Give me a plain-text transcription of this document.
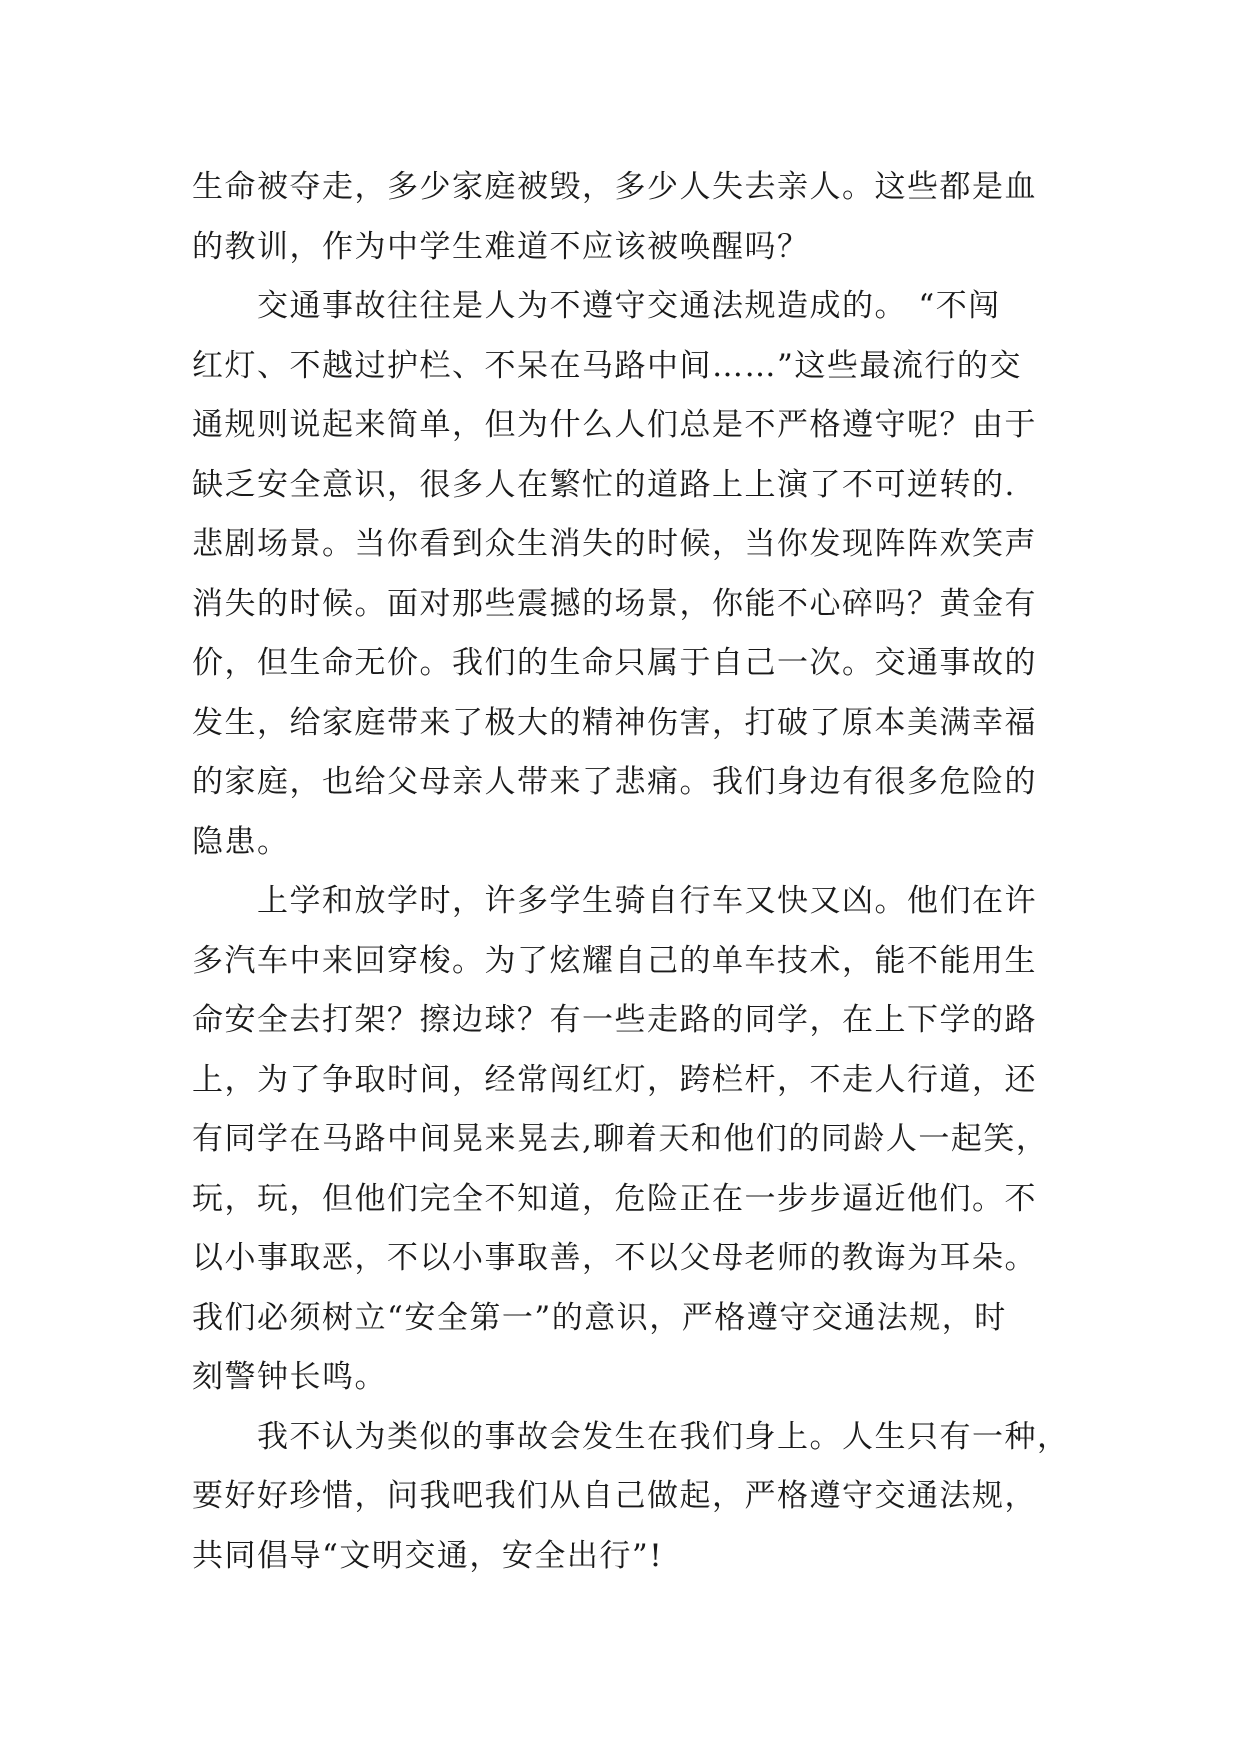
生命被夺走，多少家庭被毁，多少人失去亲人。这些都是血
的教训，作为中学生难道不应该被唤醒吗？
　　交通事故往往是人为不遵守交通法规造成的。 “不闯
红灯、不越过护栏、不呆在马路中间……”这些最流行的交
通规则说起来简单，但为什么人们总是不严格遵守呢？由于
缺乏安全意识，很多人在繁忙的道路上上演了不可逆转的.
悲剧场景。当你看到众生消失的时候，当你发现阵阵欢笑声
消失的时候。面对那些震撼的场景，你能不心碎吗？黄金有
价，但生命无价。我们的生命只属于自己一次。交通事故的
发生，给家庭带来了极大的精神伤害，打破了原本美满幸福
的家庭，也给父母亲人带来了悲痛。我们身边有很多危险的
隐患。
　　上学和放学时，许多学生骑自行车又快又凶。他们在许
多汽车中来回穿梭。为了炫耀自己的单车技术，能不能用生
命安全去打架？擦边球？有一些走路的同学，在上下学的路
上，为了争取时间，经常闯红灯，跨栏杆，不走人行道，还
有同学在马路中间晃来晃去,聊着天和他们的同龄人一起笑，
玩，玩，但他们完全不知道，危险正在一步步逼近他们。不
以小事取恶，不以小事取善，不以父母老师的教诲为耳朵。
我们必须树立“安全第一”的意识，严格遵守交通法规，时
刻警钟长鸣。
　　我不认为类似的事故会发生在我们身上。人生只有一种，
要好好珍惜，问我吧我们从自己做起，严格遵守交通法规，
共同倡导“文明交通，安全出行”!
